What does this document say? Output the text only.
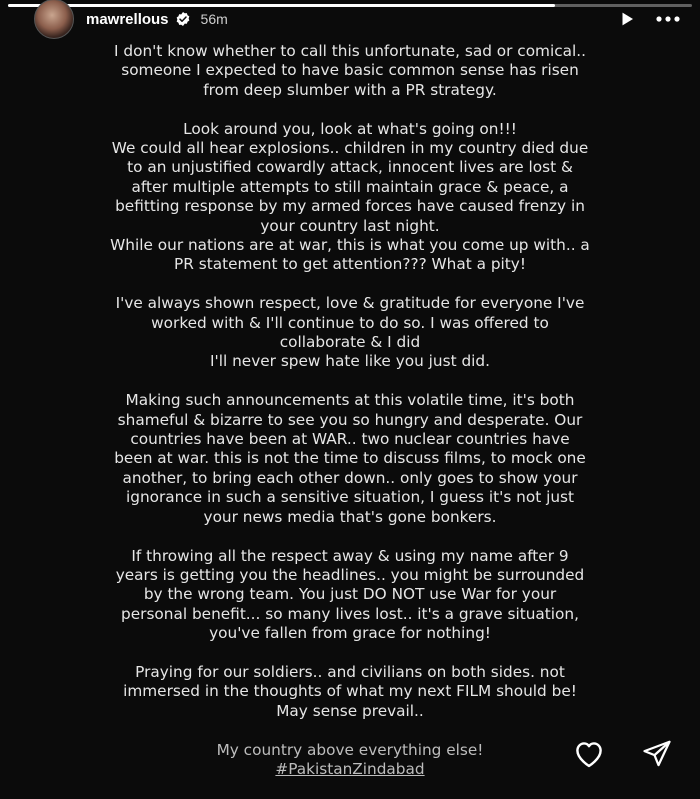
mawrellous 56m
I don't know whether to call this unfortunate, sad or comical..
someone I expected to have basic common sense has risen
from deep slumber with a PR strategy.
Look around you, look at what's going on!!!
We could all hear explosions.. children in my country died due
to an unjustified cowardly attack, innocent lives are lost &
after multiple attempts to still maintain grace & peace, a
befitting response by my armed forces have caused frenzy in
your country last night.
While our nations are at war, this is what you come up with.. a
PR statement to get attention??? What a pity!
I've always shown respect, love & gratitude for everyone I've
worked with & I'll continue to do so. I was offered to
collaborate & I did
I'll never spew hate like you just did.
Making such announcements at this volatile time, it's both
shameful & bizarre to see you so hungry and desperate. Our
countries have been at WAR.. two nuclear countries have
been at war. this is not the time to discuss films, to mock one
another, to bring each other down.. only goes to show your
ignorance in such a sensitive situation, I guess it's not just
your news media that's gone bonkers.
If throwing all the respect away & using my name after 9
years is getting you the headlines.. you might be surrounded
by the wrong team. You just DO NOT use War for your
personal benefit... so many lives lost.. it's a grave situation,
you've fallen from grace for nothing!
Praying for our soldiers.. and civilians on both sides. not
immersed in the thoughts of what my next FILM should be!
May sense prevail..
My country above everything else!
#PakistanZindabad
